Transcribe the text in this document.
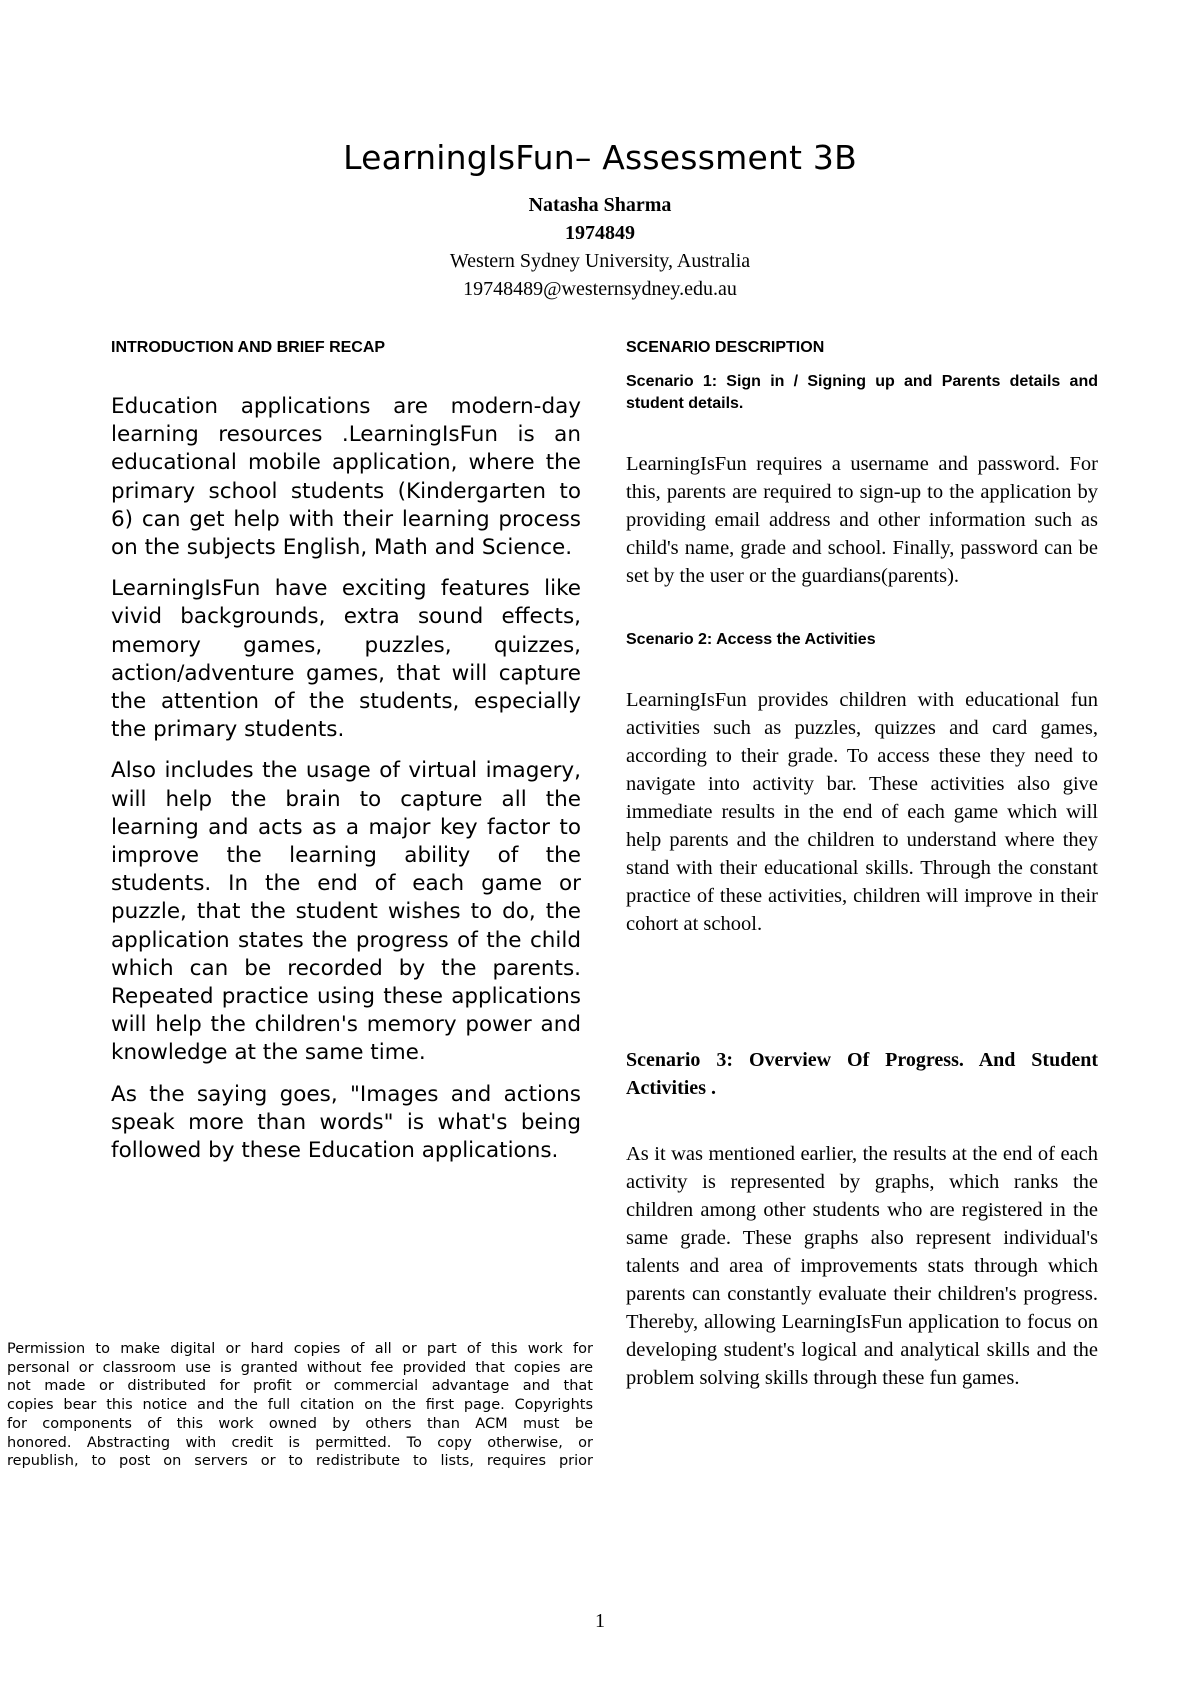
LearningIsFun– Assessment 3B
Natasha Sharma
1974849
Western Sydney University, Australia
19748489@westernsydney.edu.au
INTRODUCTION AND BRIEF RECAP

Education applications are modern-day learning resources .LearningIsFun is an educational mobile application, where the primary school students (Kindergarten to 6) can get help with their learning process on the subjects English, Math and Science.

LearningIsFun have exciting features like vivid backgrounds, extra sound effects, memory games, puzzles, quizzes, action/adventure games, that will capture the attention of the students, especially the primary students.

Also includes the usage of virtual imagery, will help the brain to capture all the learning and acts as a major key factor to improve the learning ability of the students. In the end of each game or puzzle, that the student wishes to do, the application states the progress of the child which can be recorded by the parents. Repeated practice using these applications will help the children's memory power and knowledge at the same time.

As the saying goes, "Images and actions speak more than words" is what's being followed by these Education applications.

Permission to make digital or hard copies of all or part of this work for
personal or classroom use is granted without fee provided that copies are
not made or distributed for profit or commercial advantage and that
copies bear this notice and the full citation on the first page. Copyrights
for components of this work owned by others than ACM must be
honored. Abstracting with credit is permitted. To copy otherwise, or
republish, to post on servers or to redistribute to lists, requires prior
SCENARIO DESCRIPTION
Scenario 1: Sign in / Signing up and Parents details and student details.
LearningIsFun requires a username and password. For this, parents are required to sign-up to the application by providing email address and other information such as child's name, grade and school. Finally, password can be set by the user or the guardians(parents).
Scenario 2: Access the Activities
LearningIsFun provides children with educational fun activities such as puzzles, quizzes and card games, according to their grade. To access these they need to navigate into activity bar. These activities also give immediate results in the end of each game which will help parents and the children to understand where they stand with their educational skills. Through the constant practice of these activities, children will improve in their cohort at school.
Scenario 3: Overview Of Progress. And Student Activities .
As it was mentioned earlier, the results at the end of each activity is represented by graphs, which ranks the children among other students who are registered in the same grade. These graphs also represent individual's talents and area of improvements stats through which parents can constantly evaluate their children's progress. Thereby, allowing LearningIsFun application to focus on developing student's logical and analytical skills and the problem solving skills through these fun games.
1
